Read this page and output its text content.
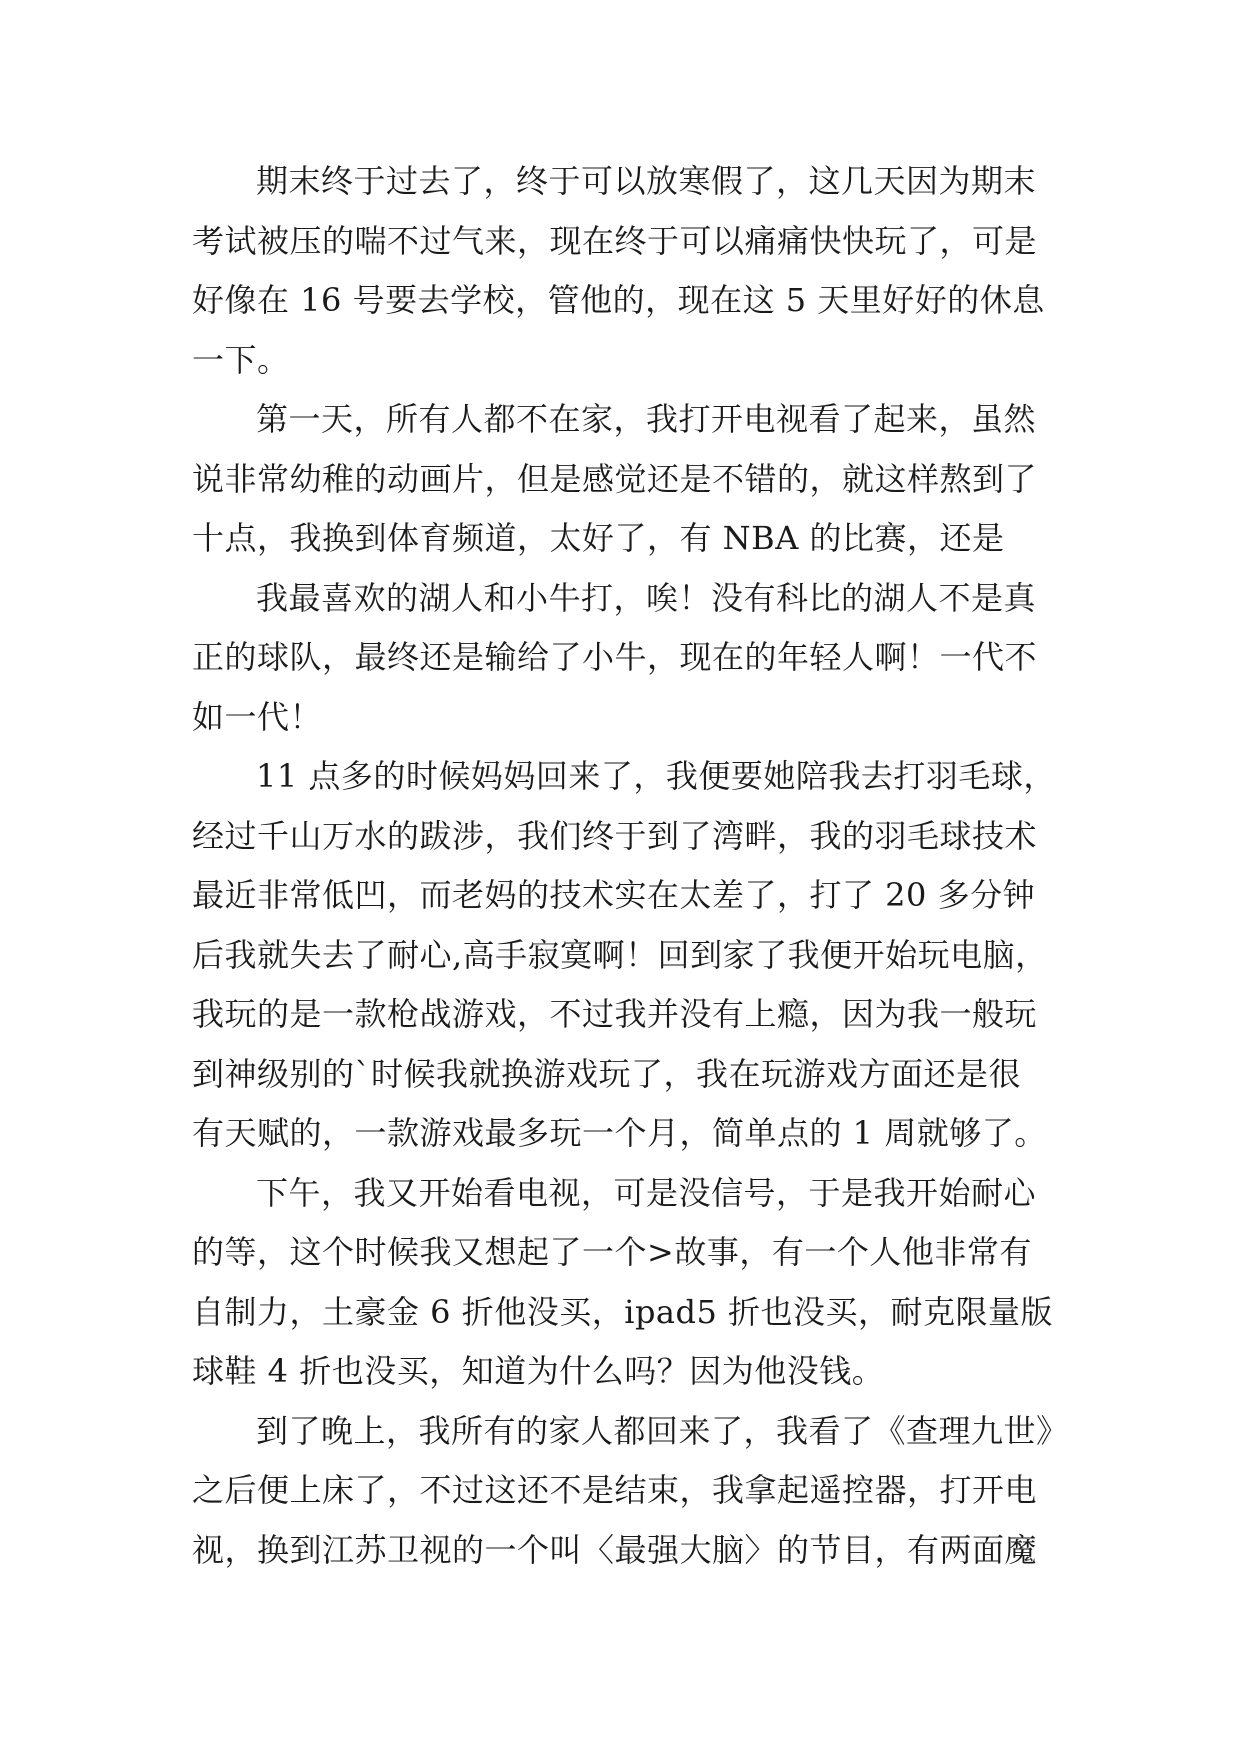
期末终于过去了，终于可以放寒假了，这几天因为期末
考试被压的喘不过气来，现在终于可以痛痛快快玩了，可是
好像在 16 号要去学校，管他的，现在这 5 天里好好的休息
一下。
第一天，所有人都不在家，我打开电视看了起来，虽然
说非常幼稚的动画片，但是感觉还是不错的，就这样熬到了
十点，我换到体育频道，太好了，有 NBA 的比赛，还是
我最喜欢的湖人和小牛打，唉！没有科比的湖人不是真
正的球队，最终还是输给了小牛，现在的年轻人啊！一代不
如一代！
11 点多的时候妈妈回来了，我便要她陪我去打羽毛球，
经过千山万水的跋涉，我们终于到了湾畔，我的羽毛球技术
最近非常低凹，而老妈的技术实在太差了，打了 20 多分钟
后我就失去了耐心,高手寂寞啊！回到家了我便开始玩电脑，
我玩的是一款枪战游戏，不过我并没有上瘾，因为我一般玩
到神级别的`时候我就换游戏玩了，我在玩游戏方面还是很
有天赋的，一款游戏最多玩一个月，简单点的 1 周就够了。
下午，我又开始看电视，可是没信号，于是我开始耐心
的等，这个时候我又想起了一个>故事，有一个人他非常有
自制力，土豪金 6 折他没买，ipad5 折也没买，耐克限量版
球鞋 4 折也没买，知道为什么吗？因为他没钱。
到了晚上，我所有的家人都回来了，我看了《查理九世》
之后便上床了，不过这还不是结束，我拿起遥控器，打开电
视，换到江苏卫视的一个叫〈最强大脑〉的节目，有两面魔
